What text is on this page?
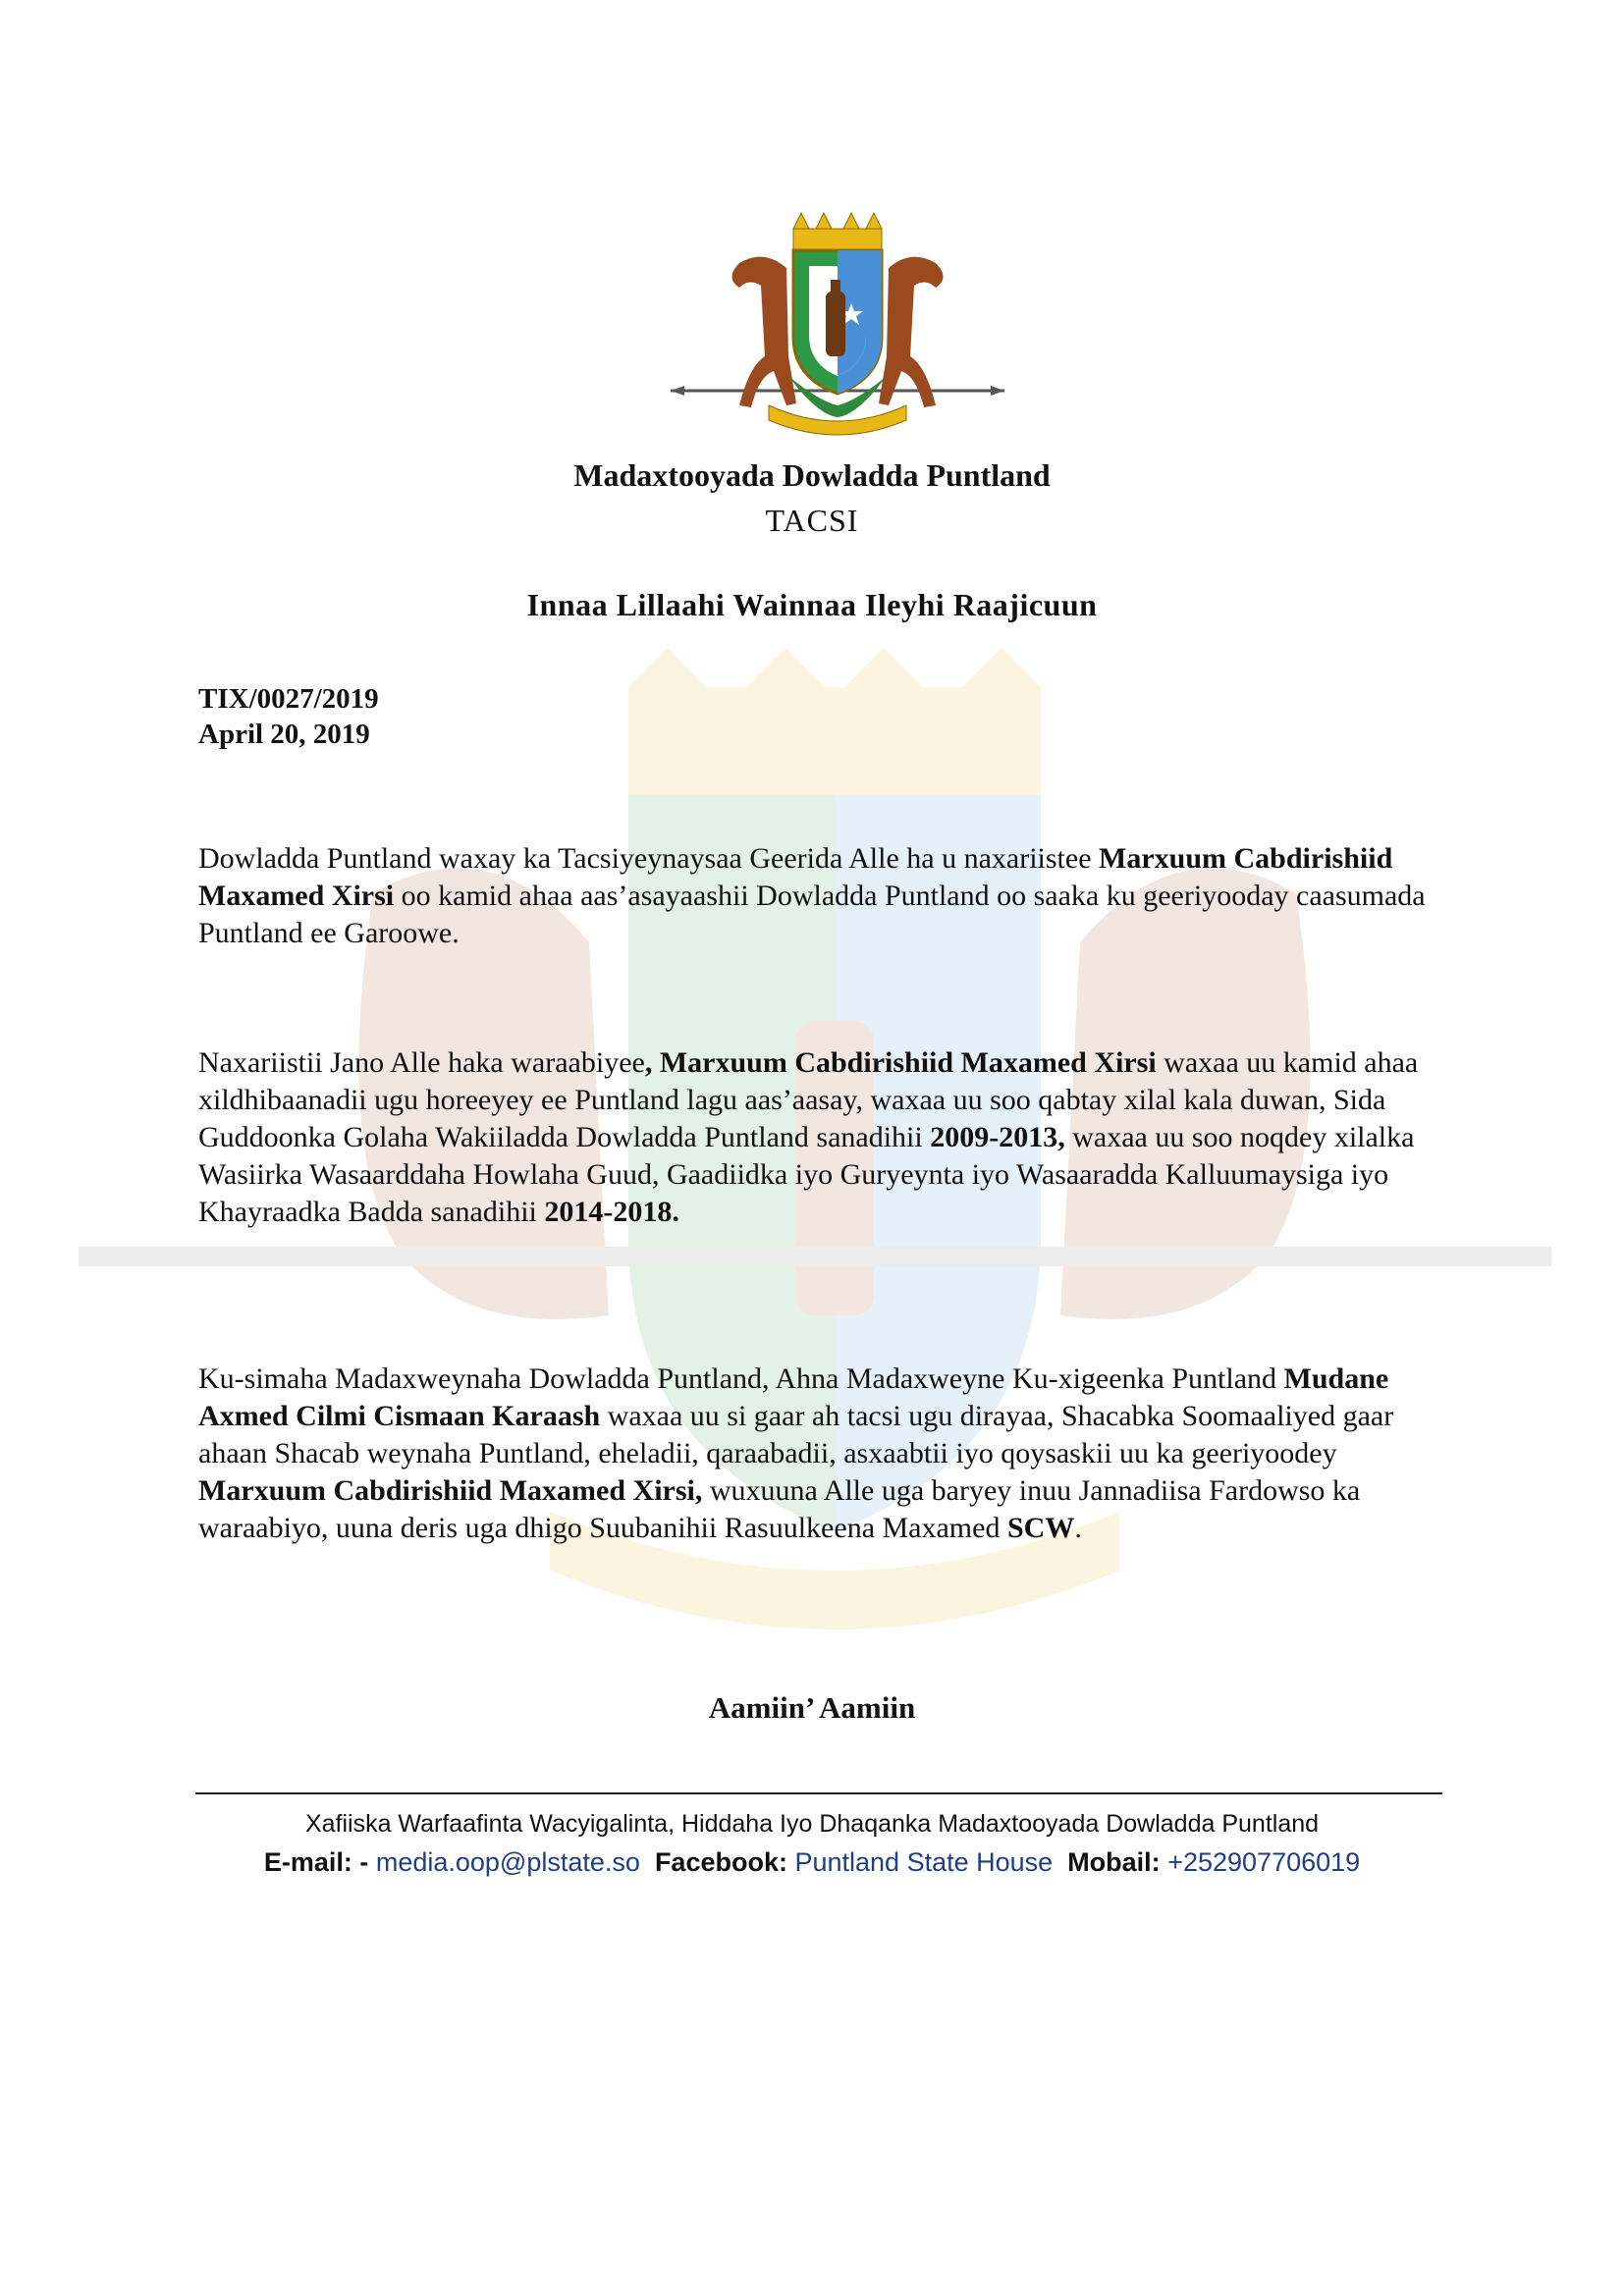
Madaxtooyada Dowladda Puntland
TACSI
Innaa Lillaahi Wainnaa Ileyhi Raajicuun
TIX/0027/2019
April 20, 2019
Dowladda Puntland waxay ka Tacsiyeynaysaa Geerida Alle ha u naxariistee Marxuum Cabdirishiid Maxamed Xirsi oo kamid ahaa aas’asayaashii Dowladda Puntland oo saaka ku geeriyooday caasumada Puntland ee Garoowe.
Naxariistii Jano Alle haka waraabiyee, Marxuum Cabdirishiid Maxamed Xirsi waxaa uu kamid ahaa xildhibaanadii ugu horeeyey ee Puntland lagu aas’aasay, waxaa uu soo qabtay xilal kala duwan, Sida Guddoonka Golaha Wakiiladda Dowladda Puntland sanadihii 2009-2013, waxaa uu soo noqdey xilalka Wasiirka Wasaarddaha Howlaha Guud, Gaadiidka iyo Guryeynta iyo Wasaaradda Kalluumaysiga iyo Khayraadka Badda sanadihii 2014-2018.
Ku-simaha Madaxweynaha Dowladda Puntland, Ahna Madaxweyne Ku-xigeenka Puntland Mudane Axmed Cilmi Cismaan Karaash waxaa uu si gaar ah tacsi ugu dirayaa, Shacabka Soomaaliyed gaar ahaan Shacab weynaha Puntland, eheladii, qaraabadii, asxaabtii iyo qoysaskii uu ka geeriyoodey Marxuum Cabdirishiid Maxamed Xirsi, wuxuuna Alle uga baryey inuu Jannadiisa Fardowso ka waraabiyo, uuna deris uga dhigo Suubanihii Rasuulkeena Maxamed SCW.
Aamiin’ Aamiin
Xafiiska Warfaafinta Wacyigalinta, Hiddaha Iyo Dhaqanka Madaxtooyada Dowladda Puntland
E-mail: - media.oop@plstate.so Facebook: Puntland State House Mobail: +252907706019
